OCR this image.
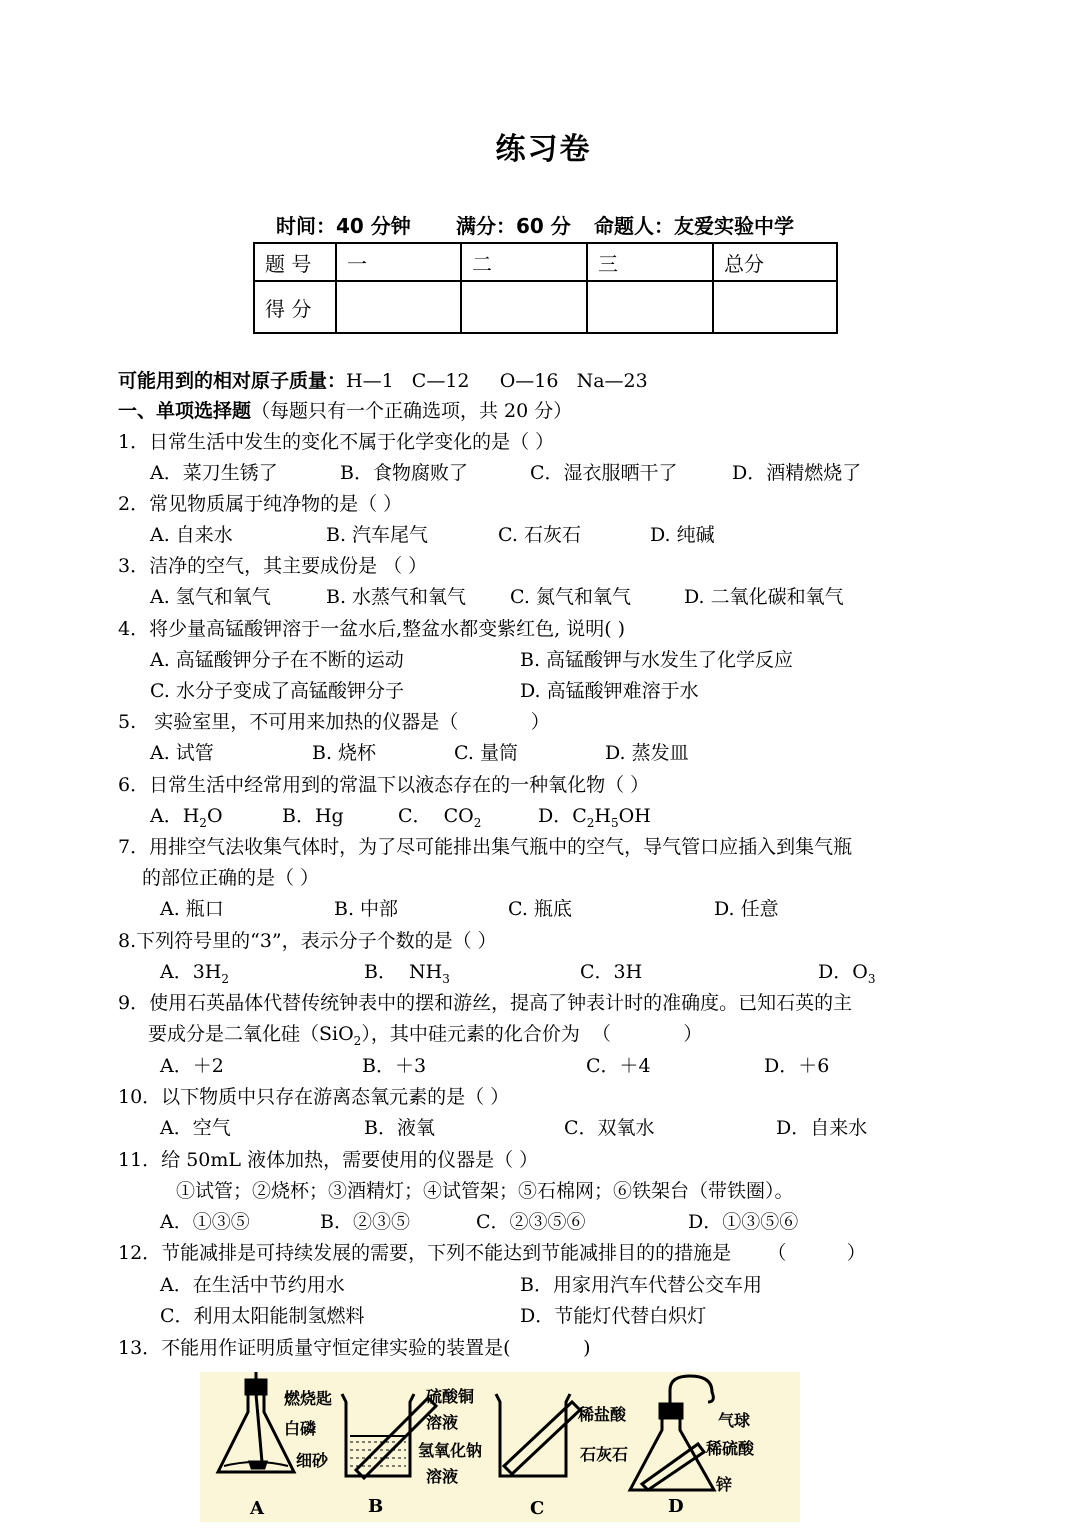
练习卷
时间：40 分钟 满分：60 分 命题人：友爱实验中学
题 号	一	二	三	总分
得 分				
可能用到的相对原子质量：H—1   C—12     O—16   Na—23
一、单项选择题（每题只有一个正确选项，共 20 分）
1．日常生活中发生的变化不属于化学变化的是（ ）
A．菜刀生锈了	B．食物腐败了	C．湿衣服晒干了	D．酒精燃烧了
2．常见物质属于纯净物的是（ ）
A. 自来水	B. 汽车尾气	C. 石灰石	D. 纯碱
3．洁净的空气，其主要成份是 （ ）
A. 氢气和氧气	B. 水蒸气和氧气 C. 氮气和氧气	D. 二氧化碳和氧气
4．将少量高锰酸钾溶于一盆水后,整盆水都变紫红色, 说明( )
A. 高锰酸钾分子在不断的运动	B. 高锰酸钾与水发生了化学反应
C. 水分子变成了高锰酸钾分子	D. 高锰酸钾难溶于水
5.   实验室里，不可用来加热的仪器是（            ）
A. 试管	B. 烧杯	C. 量筒	D. 蒸发皿
6．日常生活中经常用到的常温下以液态存在的一种氧化物（ ）
A．$H_2O$	B．Hg	C．  $CO_2$	D．$C_2H_5OH$
7．用排空气法收集气体时，为了尽可能排出集气瓶中的空气，导气管口应插入到集气瓶
的部位正确的是（ ）
A. 瓶口	B. 中部	C. 瓶底	D. 任意
8.下列符号里的“3”，表示分子个数的是（ ）
A．$3H_2$	B．  $NH_3$	C．3H	D．$O_3$
9．使用石英晶体代替传统钟表中的摆和游丝，提高了钟表计时的准确度。已知石英的主
要成分是二氧化硅（SiO$_2$），其中硅元素的化合价为  （            ）
A．＋2	B．＋3	C．＋4	D．＋6
10．以下物质中只存在游离态氧元素的是（ ）
A．空气	B．液氧	C．双氧水	D．自来水
11．给 50mL 液体加热，需要使用的仪器是（ ）
①试管；②烧杯；③酒精灯；④试管架；⑤石棉网；⑥铁架台（带铁圈）。
A．①③⑤	B．②③⑤	C．②③⑤⑥	D．①③⑤⑥
12．节能减排是可持续发展的需要，下列不能达到节能减排目的的措施是      （          ）
A．在生活中节约用水	B．用家用汽车代替公交车用
C．利用太阳能制氢燃料	D．节能灯代替白炽灯
13．不能用作证明质量守恒定律实验的装置是(            )
燃烧匙
白磷
细砂
硫酸铜
溶液
氢氧化钠
溶液
稀盐酸
石灰石
气球
稀硫酸
锌
A	B	C	D
